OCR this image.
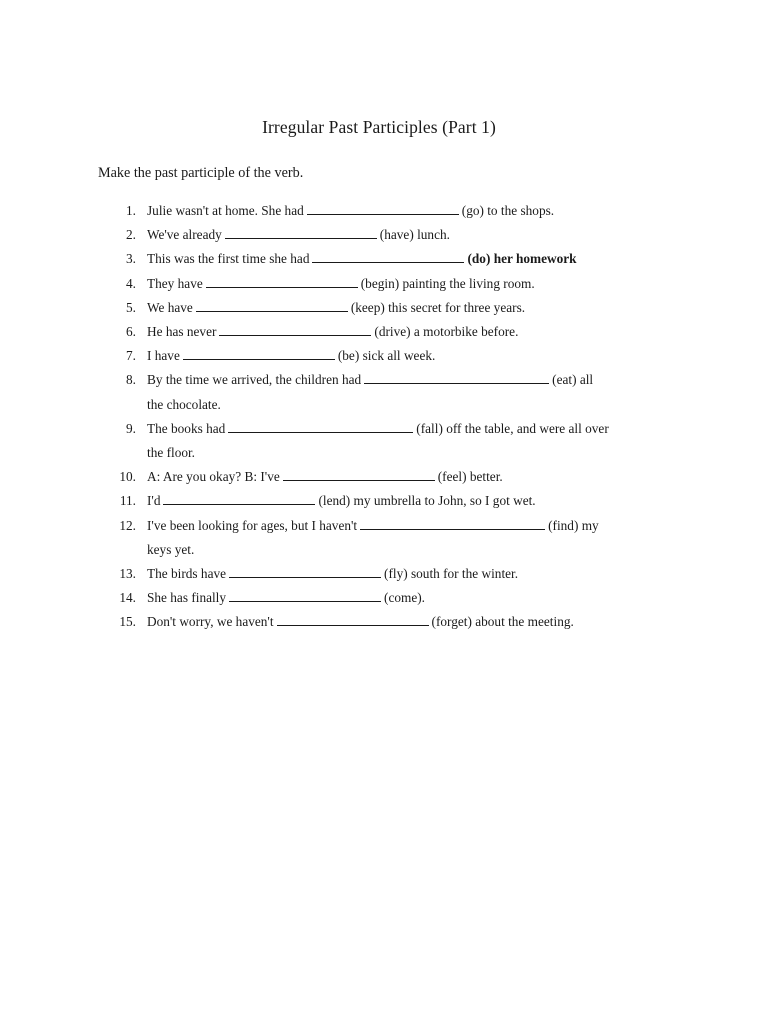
Irregular Past Participles (Part 1)
Make the past participle of the verb.
1. Julie wasn't at home. She had	(go) to the shops.
2. We've already	(have) lunch.
3. This was the first time she had	(do) her homework
4. They have	(begin) painting the living room.
5. We have	(keep) this secret for three years.
6. He has never	(drive) a motorbike before.
7. I have	(be) sick all week.
8. By the time we arrived, the children had	(eat) all
the chocolate.
9. The books had	(fall) off the table, and were all over
the floor.
10. A: Are you okay? B: I've	(feel) better.
11. I'd	(lend) my umbrella to John, so I got wet.
12. I've been looking for ages, but I haven't	(find) my
keys yet.
13. The birds have	(fly) south for the winter.
14. She has finally	(come).
15. Don't worry, we haven't	(forget) about the meeting.
